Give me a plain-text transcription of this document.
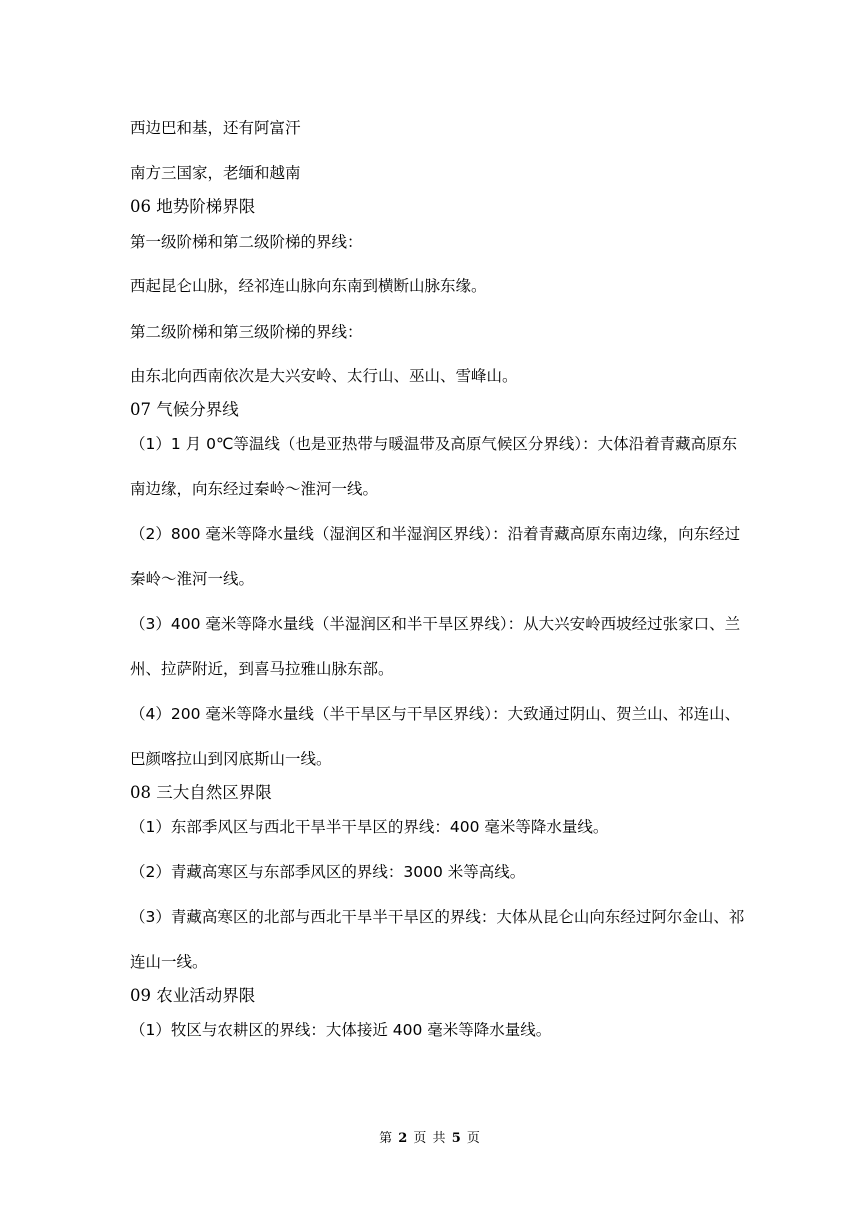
西边巴和基，还有阿富汗

南方三国家，老缅和越南

06 地势阶梯界限

第一级阶梯和第二级阶梯的界线：

西起昆仑山脉，经祁连山脉向东南到横断山脉东缘。

第二级阶梯和第三级阶梯的界线：

由东北向西南依次是大兴安岭、太行山、巫山、雪峰山。

07 气候分界线

（1）1 月 0℃等温线（也是亚热带与暖温带及高原气候区分界线）：大体沿着青藏高原东

南边缘，向东经过秦岭～淮河一线。

（2）800 毫米等降水量线（湿润区和半湿润区界线）：沿着青藏高原东南边缘，向东经过

秦岭～淮河一线。

（3）400 毫米等降水量线（半湿润区和半干旱区界线）：从大兴安岭西坡经过张家口、兰

州、拉萨附近，到喜马拉雅山脉东部。

（4）200 毫米等降水量线（半干旱区与干旱区界线）：大致通过阴山、贺兰山、祁连山、

巴颜喀拉山到冈底斯山一线。

08 三大自然区界限

（1）东部季风区与西北干旱半干旱区的界线：400 毫米等降水量线。

（2）青藏高寒区与东部季风区的界线：3000 米等高线。

（3）青藏高寒区的北部与西北干旱半干旱区的界线：大体从昆仑山向东经过阿尔金山、祁

连山一线。

09 农业活动界限

（1）牧区与农耕区的界线：大体接近 400 毫米等降水量线。

第 2 页 共 5 页
